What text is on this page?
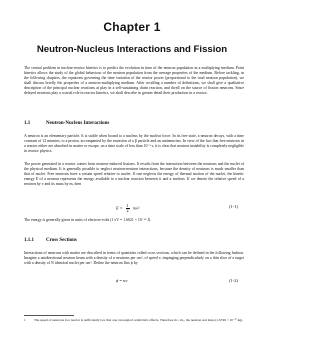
Chapter 1
Neutron-Nucleus Interactions and Fission

The central problem in nuclear-reactor kinetics is to predict the evolution in time of the neutron population in a multiplying medium. Point kinetics allows the study of the global behaviour of the neutron population from the average properties of the medium. Before tackling, in the following chapters, the equations governing the time variation of the reactor power (proportional to the total neutron population), we shall discuss briefly the properties of a neutron-multiplying medium. After recalling a number of definitions, we shall give a qualitative description of the principal nuclear reactions at play in a self-sustaining chain reaction, and dwell on the source of fission neutrons. Since delayed neutrons play a crucial role in reactor kinetics, we shall describe in greater detail their production in a reactor.

1.1	Neutron-Nucleus Interactions

A neutron is an elementary particle. It is stable when bound to a nucleus by the nuclear force. In its free state, a neutron decays, with a time constant of 12 minutes, to a proton, accompanied by the emission of a β particle and an antineutrino. In view of the fact that free neutrons in a reactor either are absorbed in matter or escape, on a time scale of less than 10⁻³ s, it is clear that neutron instability is completely negligible in reactor physics.

The power generated in a reactor comes from neutron-induced fissions. It results from the interaction between the neutrons and the nuclei of the physical medium. It is generally possible to neglect neutron-neutron interactions, because the density of neutrons is much smaller than that of nuclei. Free neutrons have a certain speed relative to nuclei. If one neglects the energy of thermal motion of the nuclei, the kinetic energy E of a neutron represents the energy available to a nuclear reaction between it and a nucleus. If we denote the relative speed of a neutron by v and its mass by m, then

$E = \frac{1}{2} mv^2$	(1-1)

The energy is generally given in units of electron-volts (1 eV = 1.6021 × 10⁻¹⁹ J).

1.1.1 Cross Sections

Interactions of neutrons with matter are described in terms of quantities called cross sections, which can be defined in the following fashion. Imagine a unidirectional neutron beam with a density of n neutrons per cm³, of speed v, impinging perpendicularly on a thin slice of a target with a density of N identical nuclei per cm³. Define the neutron flux ϕ by

ϕ = nv	(1-2)

1 The speed of neutrons in a reactor is sufficiently low that one can neglect relativistic effects. Therefore m = m₀, the neutron rest mass (1.6749 × 10⁻²⁷ kg).
